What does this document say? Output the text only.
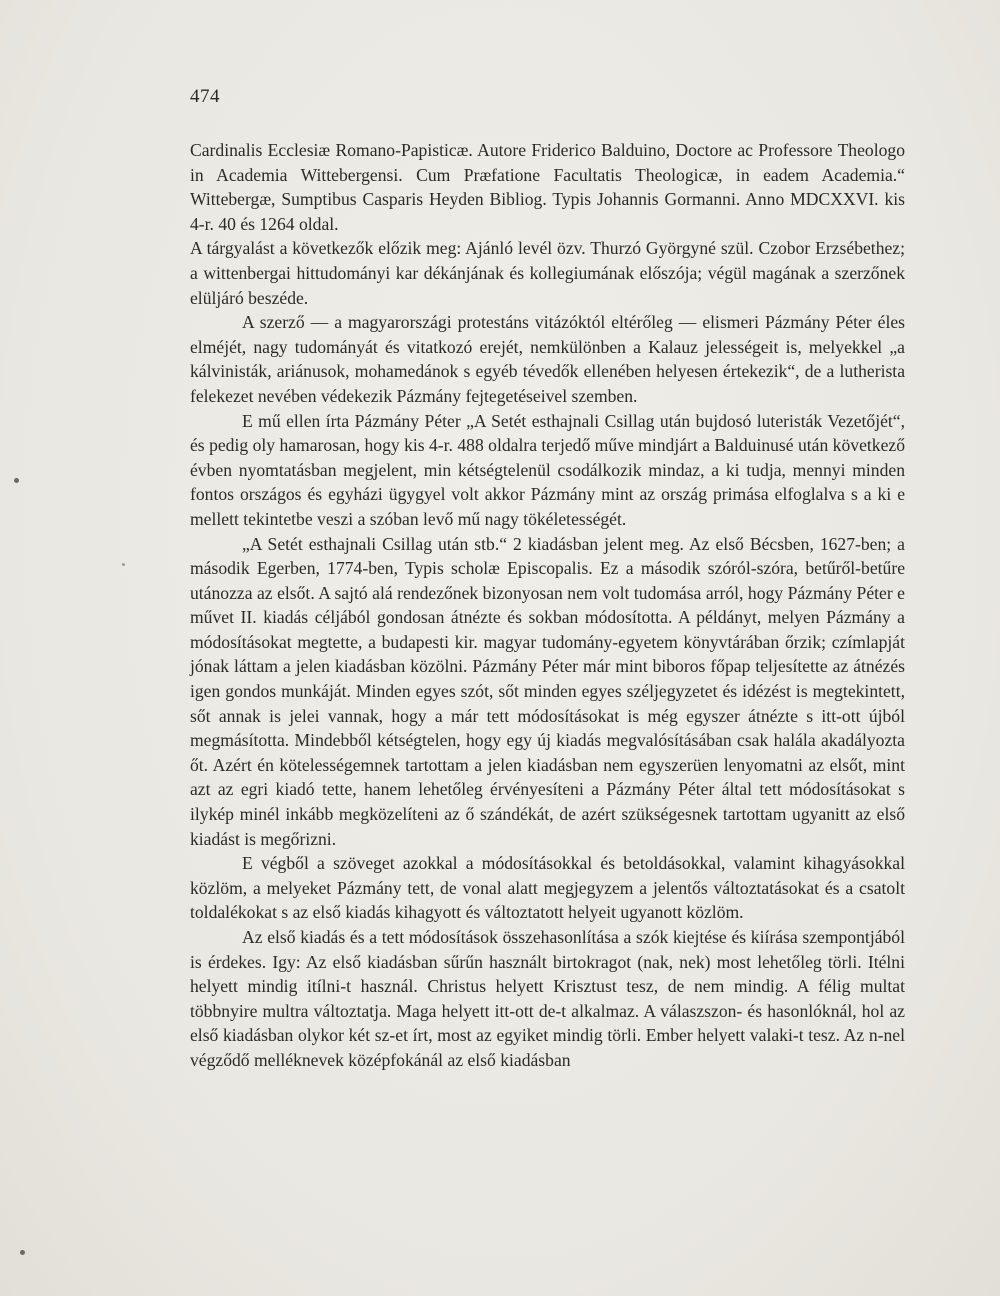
474

Cardinalis Ecclesiæ Romano-Papisticæ. Autore Friderico Balduino, Doctore ac Professore Theologo in Academia Wittebergensi. Cum Præfatione Facultatis Theologicæ, in eadem Academia.“ Wittebergæ, Sumptibus Casparis Heyden Bibliog. Typis Johannis Gormanni. Anno MDCXXVI. kis 4-r. 40 és 1264 oldal.

A tárgyalást a következők előzik meg: Ajánló levél özv. Thurzó Györgyné szül. Czobor Erzsébethez; a wittenbergai hittudományi kar dékánjának és kollegiumának előszója; végül magának a szerzőnek elüljáró beszéde.

A szerző — a magyarországi protestáns vitázóktól eltérőleg — elismeri Pázmány Péter éles elméjét, nagy tudományát és vitatkozó erejét, nemkülönben a Kalauz jelességeit is, melyekkel „a kálvinisták, ariánusok, mohamedánok s egyéb tévedők ellenében helyesen értekezik“, de a lutherista felekezet nevében védekezik Pázmány fejtegetéseivel szemben.

E mű ellen írta Pázmány Péter „A Setét esthajnali Csillag után bujdosó luteristák Vezetőjét“, és pedig oly hamarosan, hogy kis 4-r. 488 oldalra terjedő műve mindjárt a Balduinusé után következő évben nyomtatásban megjelent, min kétségtelenül csodálkozik mindaz, a ki tudja, mennyi minden fontos országos és egyházi ügygyel volt akkor Pázmány mint az ország primása elfoglalva s a ki e mellett tekintetbe veszi a szóban levő mű nagy tökéletességét.

„A Setét esthajnali Csillag után stb.“ 2 kiadásban jelent meg. Az első Bécsben, 1627-ben; a második Egerben, 1774-ben, Typis scholæ Episcopalis. Ez a második szóról-szóra, betűről-betűre utánozza az elsőt. A sajtó alá rendezőnek bizonyosan nem volt tudomása arról, hogy Pázmány Péter e művet II. kiadás céljából gondosan átnézte és sokban módosította. A példányt, melyen Pázmány a módosításokat megtette, a budapesti kir. magyar tudomány-egyetem könyvtárában őrzik; czímlapját jónak láttam a jelen kiadásban közölni. Pázmány Péter már mint biboros főpap teljesítette az átnézés igen gondos munkáját. Minden egyes szót, sőt minden egyes széljegyzetet és idézést is megtekintett, sőt annak is jelei vannak, hogy a már tett módosításokat is még egyszer átnézte s itt-ott újból megmásította. Mindebből kétségtelen, hogy egy új kiadás megvalósításában csak halála akadályozta őt. Azért én kötelességemnek tartottam a jelen kiadásban nem egyszerüen lenyomatni az elsőt, mint azt az egri kiadó tette, hanem lehetőleg érvényesíteni a Pázmány Péter által tett módosításokat s ilykép minél inkább megközelíteni az ő szándékát, de azért szükségesnek tartottam ugyanitt az első kiadást is megőrizni.

E végből a szöveget azokkal a módosításokkal és betoldásokkal, valamint kihagyásokkal közlöm, a melyeket Pázmány tett, de vonal alatt megjegyzem a jelentős változtatásokat és a csatolt toldalékokat s az első kiadás kihagyott és változtatott helyeit ugyanott közlöm.

Az első kiadás és a tett módosítások összehasonlítása a szók kiejtése és kiírása szempontjából is érdekes. Igy: Az első kiadásban sűrűn használt birtokragot (nak, nek) most lehetőleg törli. Itélni helyett mindig itílni-t használ. Christus helyett Krisztust tesz, de nem mindig. A félig multat többnyire multra változtatja. Maga helyett itt-ott de-t alkalmaz. A válaszszon- és hasonlóknál, hol az első kiadásban olykor két sz-et írt, most az egyiket mindig törli. Ember helyett valaki-t tesz. Az n-nel végződő melléknevek középfokánál az első kiadásban
